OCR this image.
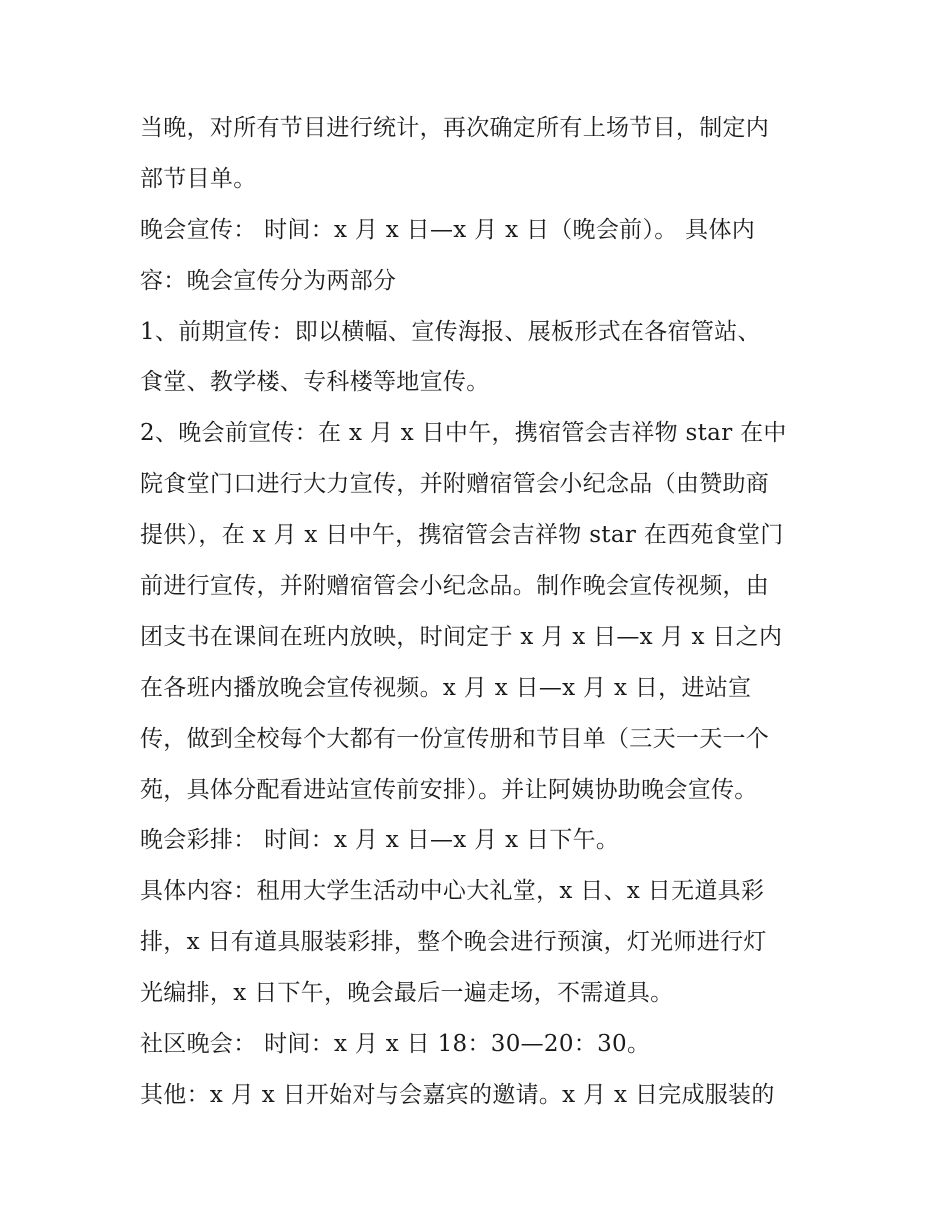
当晚，对所有节目进行统计，再次确定所有上场节目，制定内
部节目单。
晚会宣传： 时间：x 月 x 日—x 月 x 日（晚会前）。 具体内
容：晚会宣传分为两部分
1、前期宣传：即以横幅、宣传海报、展板形式在各宿管站、
食堂、教学楼、专科楼等地宣传。
2、晚会前宣传：在 x 月 x 日中午，携宿管会吉祥物 star 在中
院食堂门口进行大力宣传，并附赠宿管会小纪念品（由赞助商
提供），在 x 月 x 日中午，携宿管会吉祥物 star 在西苑食堂门
前进行宣传，并附赠宿管会小纪念品。制作晚会宣传视频，由
团支书在课间在班内放映，时间定于 x 月 x 日—x 月 x 日之内
在各班内播放晚会宣传视频。x 月 x 日—x 月 x 日，进站宣
传，做到全校每个大都有一份宣传册和节目单（三天一天一个
苑，具体分配看进站宣传前安排）。并让阿姨协助晚会宣传。
晚会彩排： 时间：x 月 x 日—x 月 x 日下午。
具体内容：租用大学生活动中心大礼堂，x 日、x 日无道具彩
排，x 日有道具服装彩排，整个晚会进行预演，灯光师进行灯
光编排，x 日下午，晚会最后一遍走场，不需道具。
社区晚会： 时间：x 月 x 日 18：30—20：30。
其他：x 月 x 日开始对与会嘉宾的邀请。x 月 x 日完成服装的
